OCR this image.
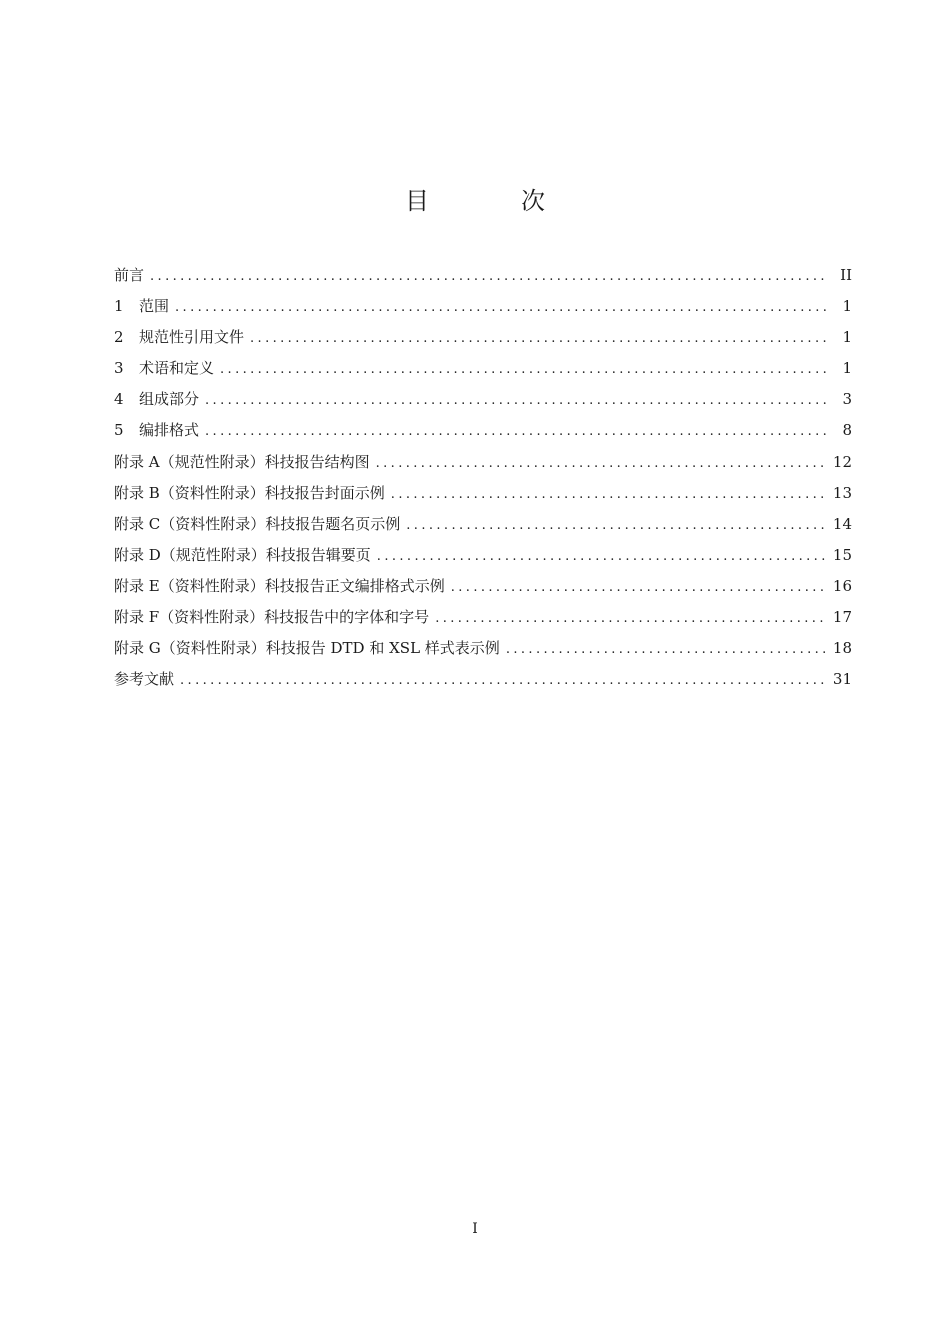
目	次
前言 .....	II
1 范围 .....	1
2 规范性引用文件 .....	1
3 术语和定义 .....	1
4 组成部分 .....	3
5 编排格式 .....	8
附录 A（规范性附录）科技报告结构图 .....	12
附录 B（资料性附录）科技报告封面示例 .....	13
附录 C（资料性附录）科技报告题名页示例 .....	14
附录 D（规范性附录）科技报告辑要页 .....	15
附录 E（资料性附录）科技报告正文编排格式示例 .....	16
附录 F（资料性附录）科技报告中的字体和字号 .....	17
附录 G（资料性附录）科技报告 DTD 和 XSL 样式表示例 .....	18
参考文献 .....	31
I
